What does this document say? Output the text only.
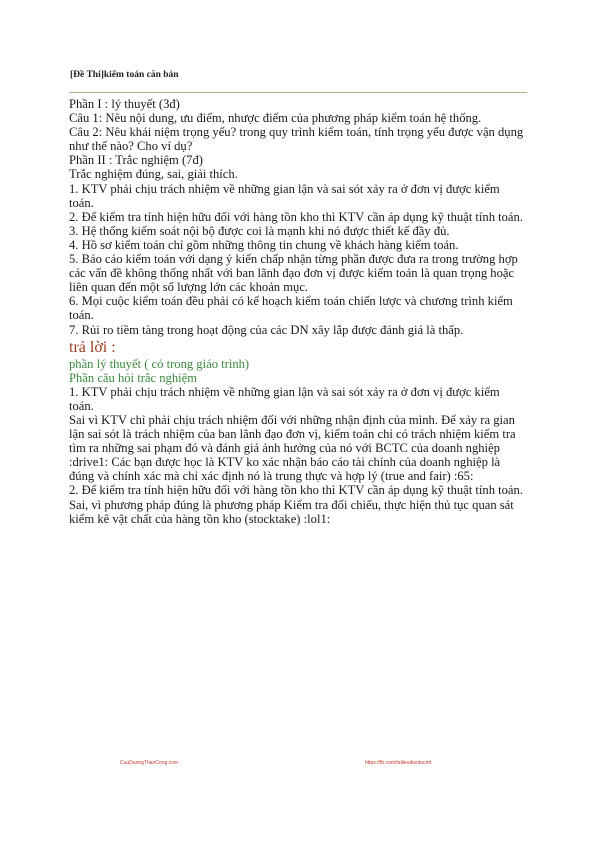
[Đề Thi]kiểm toán căn bản

Phần I : lý thuyết (3đ)

Câu 1: Nêu nội dung, ưu điểm, nhược điểm của phương pháp kiểm toán hệ thống.

Câu 2: Nêu khái niệm trọng yếu? trong quy trình kiểm toán, tính trọng yếu được vận dụng như thế nào? Cho ví dụ?

Phần II : Trắc nghiệm (7đ)

Trắc nghiệm đúng, sai, giải thích.

1. KTV phải chịu trách nhiệm về những gian lận và sai sót xảy ra ở đơn vị được kiểm toán.

2. Để kiểm tra tính hiện hữu đối với hàng tồn kho thì KTV cần áp dụng kỹ thuật tính toán.

3. Hệ thống kiểm soát nội bộ được coi là mạnh khi nó được thiết kế đầy đủ.

4. Hồ sơ kiểm toán chỉ gồm những thông tin chung về khách hàng kiểm toán.

5. Báo cáo kiểm toán với dạng ý kiến chấp nhận từng phần được đưa ra trong trường hợp các vấn đề không thống nhất với ban lãnh đạo đơn vị được kiểm toán là quan trọng hoặc liên quan đến một số lượng lớn các khoản mục.

6. Mọi cuộc kiểm toán đều phải có kế hoạch kiểm toán chiến lược và chương trình kiểm toán.

7. Rủi ro tiềm tàng trong hoạt động của các DN xây lắp được đánh giá là thấp.

trả lời :

phần lý thuyết ( có trong giáo trình)

Phần câu hỏi trắc nghiệm

1. KTV phải chịu trách nhiệm về những gian lận và sai sót xảy ra ở đơn vị được kiểm toán.

Sai vì KTV chỉ phải chịu trách nhiệm đối với những nhận định của mình. Để xảy ra gian lận sai sót là trách nhiệm của ban lãnh đạo đơn vị, kiểm toán chỉ có trách nhiệm kiểm tra tìm ra những sai phạm đó và đánh giá ảnh hưởng của nó với BCTC của doanh nghiệp :drive1: Các bạn được học là KTV ko xác nhận báo cáo tài chính của doanh nghiệp là đúng và chính xác mà chỉ xác định nó là trung thực và hợp lý (true and fair) :65:

2. Để kiểm tra tính hiện hữu đối với hàng tồn kho thì KTV cần áp dụng kỹ thuật tính toán.

Sai, vì phương pháp đúng là phương pháp Kiểm tra đối chiếu, thực hiện thủ tục quan sát kiểm kê vật chất của hàng tồn kho (stocktake) :lol1:

CuuDuongThanCong.com	https://fb.com/tailieudientucntt
